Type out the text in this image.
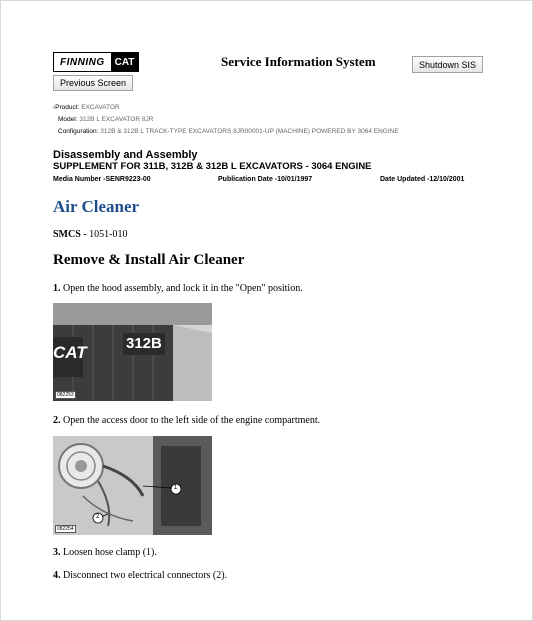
FINNING	CAT	Service Information System	Shutdown SIS
Previous Screen
‹Product: EXCAVATOR
Model: 312B L EXCAVATOR 8JR
Configuration: 312B & 312B L TRACK-TYPE EXCAVATORS 8JR00001-UP (MACHINE) POWERED BY 3064 ENGINE
Disassembly and Assembly
SUPPLEMENT FOR 311B, 312B & 312B L EXCAVATORS - 3064 ENGINE
Media Number -SENR9223-00	Publication Date -10/01/1997	Date Updated -12/10/2001
Air Cleaner
SMCS - 1051-010
Remove & Install Air Cleaner
1. Open the hood assembly, and lock it in the "Open" position.
CAT	312B
082253
2. Open the access door to the left side of the engine compartment.
1
2
082254
3. Loosen hose clamp (1).
4. Disconnect two electrical connectors (2).
